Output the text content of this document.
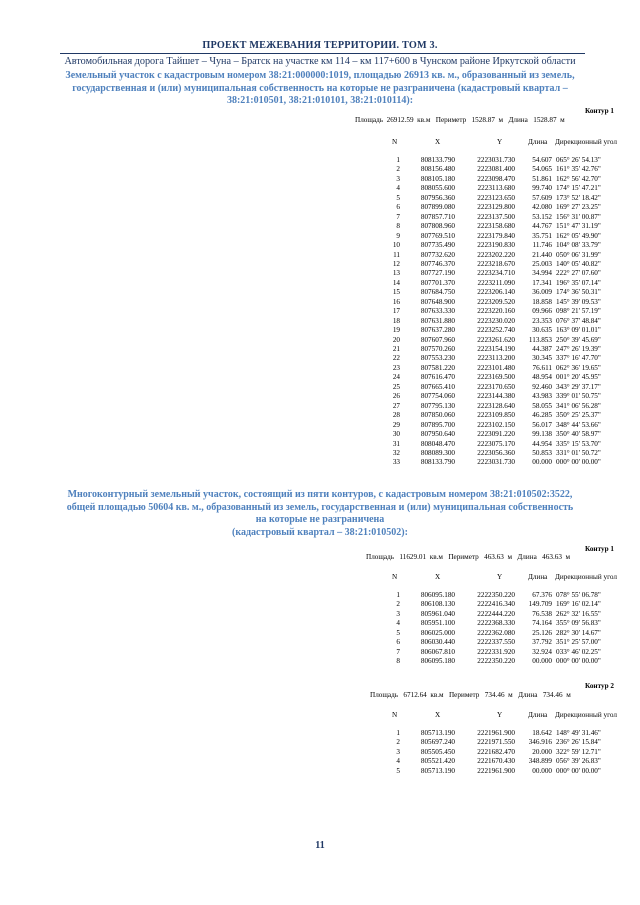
ПРОЕКТ МЕЖЕВАНИЯ ТЕРРИТОРИИ. ТОМ 3.
Автомобильная дорога Тайшет – Чуна – Братск на участке км 114 – км 117+600 в Чунском районе Иркутской области
Земельный участок с кадастровым номером 38:21:000000:1019, площадью 26913 кв. м., образованный из земель,
государственная и (или) муниципальная собственность на которые не разграничена (кадастровый квартал –
38:21:010501, 38:21:010101, 38:21:010114):
Контур 1
Площадь  26912.59  кв.м   Периметр   1528.87  м   Длина   1528.87  м
N	X	Y	Длина Дирекционный угол
1	808133.790	2223031.730	54.607 065° 26' 54.13"
2	808156.480	2223081.400	54.065 161° 35' 42.76"
3	808105.180	2223098.470	51.861 162° 56' 42.70"
4	808055.600	2223113.680	99.740 174° 15' 47.21"
5	807956.360	2223123.650	57.609 173° 52' 18.42"
6	807899.080	2223129.800	42.080 169° 27' 23.25"
7	807857.710	2223137.500	53.152 156° 31' 00.87"
8	807808.960	2223158.680	44.767 151° 47' 31.19"
9	807769.510	2223179.840	35.751 162° 05' 49.90"
10	807735.490	2223190.830	11.746 104° 08' 33.79"
11	807732.620	2223202.220	21.440 050° 06' 31.99"
12	807746.370	2223218.670	25.003 140° 05' 40.82"
13	807727.190	2223234.710	34.994 222° 27' 07.60"
14	807701.370	2223211.090	17.341 196° 35' 07.14"
15	807684.750	2223206.140	36.009 174° 36' 50.31"
16	807648.900	2223209.520	18.858 145° 39' 09.53"
17	807633.330	2223220.160	09.966 098° 21' 57.19"
18	807631.880	2223230.020	23.353 076° 37' 48.84"
19	807637.280	2223252.740	30.635 163° 09' 01.01"
20	807607.960	2223261.620	113.853 250° 39' 45.69"
21	807570.260	2223154.190	44.387 247° 26' 19.39"
22	807553.230	2223113.200	30.345 337° 16' 47.70"
23	807581.220	2223101.480	76.611 062° 36' 19.65"
24	807616.470	2223169.500	48.954 001° 20' 45.95"
25	807665.410	2223170.650	92.460 343° 29' 37.17"
26	807754.060	2223144.380	43.983 339° 01' 50.75"
27	807795.130	2223128.640	58.055 341° 06' 56.28"
28	807850.060	2223109.850	46.285 350° 25' 25.37"
29	807895.700	2223102.150	56.017 348° 44' 53.66"
30	807950.640	2223091.220	99.138 350° 40' 58.97"
31	808048.470	2223075.170	44.954 335° 15' 53.70"
32	808089.300	2223056.360	50.853 331° 01' 50.72"
33	808133.790	2223031.730	00.000 000° 00' 00.00"
Многоконтурный земельный участок, состоящий из пяти контуров, с кадастровым номером 38:21:010502:3522,
общей площадью 50604 кв. м., образованный из земель, государственная и (или) муниципальная собственность
на которые не разграничена
(кадастровый квартал – 38:21:010502):
Контур 1
Площадь   11629.01  кв.м   Периметр   463.63  м   Длина   463.63  м
N	X	Y	Длина Дирекционный угол
1	806095.180	2222350.220	67.376 078° 55' 06.78"
2	806108.130	2222416.340	149.709 169° 16' 02.14"
3	805961.040	2222444.220	76.538 262° 32' 16.55"
4	805951.100	2222368.330	74.164 355° 09' 56.83"
5	806025.000	2222362.080	25.126 282° 30' 14.67"
6	806030.440	2222337.550	37.792 351° 25' 57.00"
7	806067.810	2222331.920	32.924 033° 46' 02.25"
8	806095.180	2222350.220	00.000 000° 00' 00.00"
Контур 2
Площадь   6712.64  кв.м   Периметр   734.46  м   Длина   734.46  м
N	X	Y	Длина Дирекционный угол
1	805713.190	2221961.900	18.642 148° 49' 31.46"
2	805697.240	2221971.550	346.916 236° 26' 15.84"
3	805505.450	2221682.470	20.000 322° 59' 12.71"
4	805521.420	2221670.430	348.899 056° 39' 26.83"
5	805713.190	2221961.900	00.000 000° 00' 00.00"
11
